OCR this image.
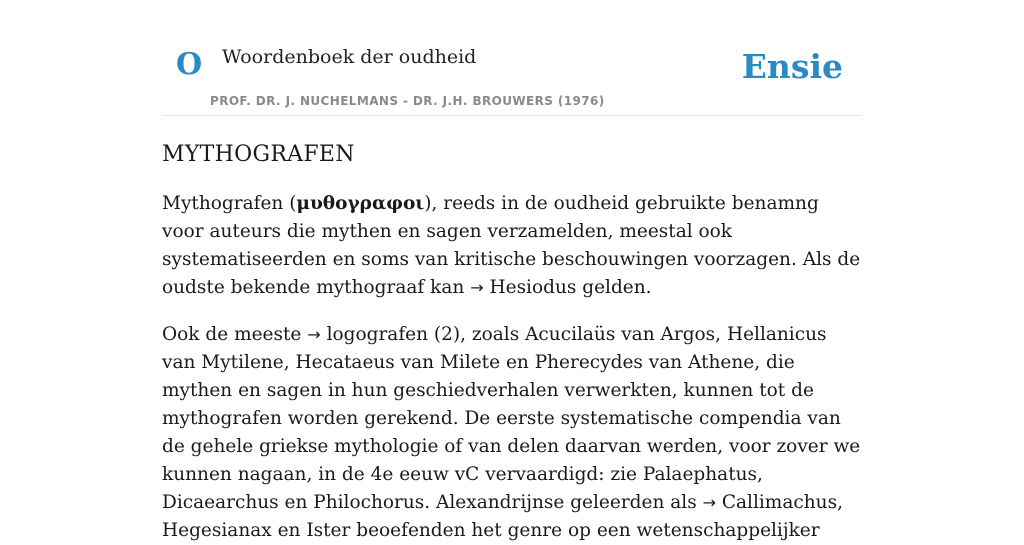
O Woordenboek der oudheid
PROF. DR. J. NUCHELMANS - DR. J.H. BROUWERS (1976)
Ensie
MYTHOGRAFEN

Mythografen (μυθογραφοι), reeds in de oudheid gebruikte benamng voor auteurs die mythen en sagen verzamelden, meestal ook systematiseerden en soms van kritische beschouwingen voorzagen. Als de oudste bekende mythograaf kan → Hesiodus gelden.

Ook de meeste → logografen (2), zoals Acucilaüs van Argos, Hellanicus van Mytilene, Hecataeus van Milete en Pherecydes van Athene, die mythen en sagen in hun geschiedverhalen verwerkten, kunnen tot de mythografen worden gerekend. De eerste systematische compendia van de gehele griekse mythologie of van delen daarvan werden, voor zover we kunnen nagaan, in de 4e eeuw vC vervaardigd: zie Palaephatus, Dicaearchus en Philochorus. Alexandrijnse geleerden als → Callimachus, Hegesianax en Ister beoefenden het genre op een wetenschappelijker
